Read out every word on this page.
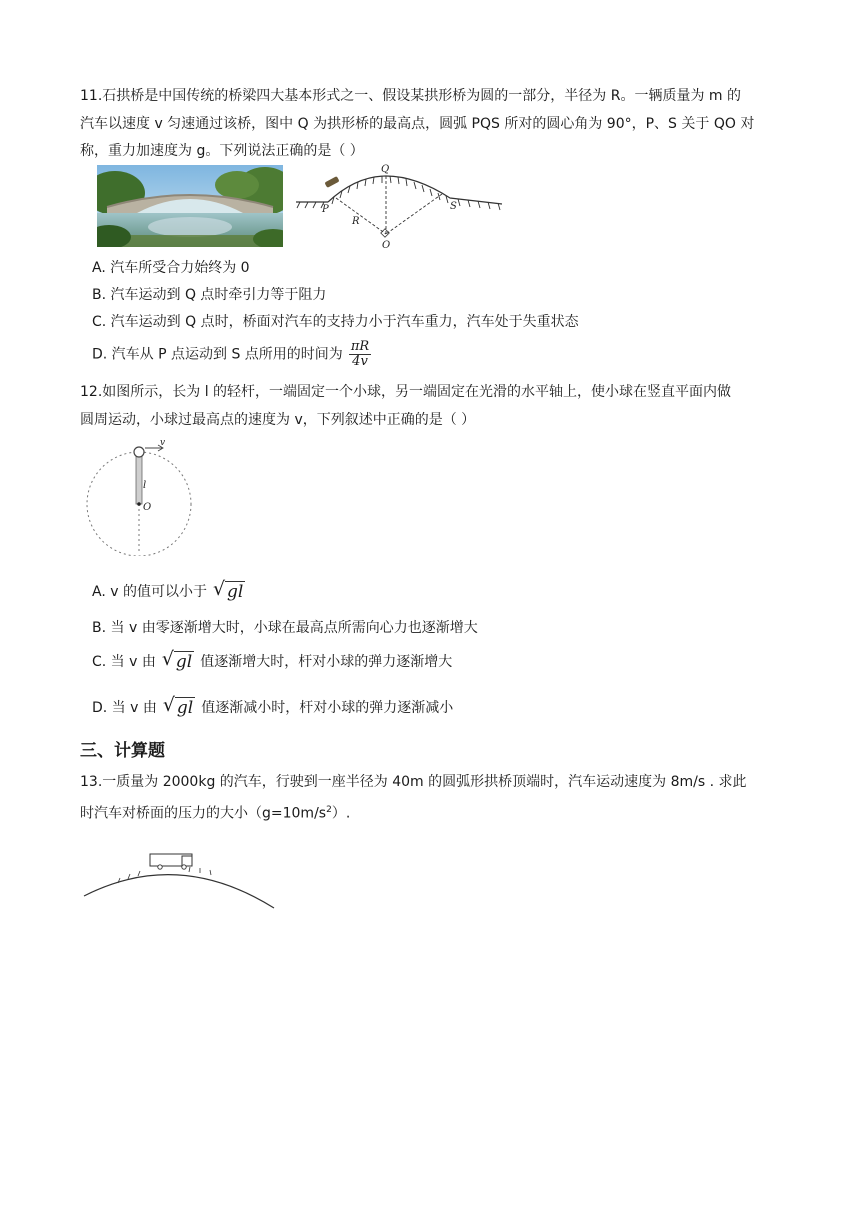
11.石拱桥是中国传统的桥梁四大基本形式之一、假设某拱形桥为圆的一部分，半径为 R。一辆质量为 m 的
汽车以速度 v 匀速通过该桥，图中 Q 为拱形桥的最高点，圆弧 PQS 所对的圆心角为 90°，P、S 关于 QO 对
称，重力加速度为 g。下列说法正确的是（ ）
Q
P	S
R
O
A. 汽车所受合力始终为 0
B. 汽车运动到 Q 点时牵引力等于阻力
C. 汽车运动到 Q 点时，桥面对汽车的支持力小于汽车重力，汽车处于失重状态
D. 汽车从 P 点运动到 S 点所用的时间为 $\frac{\pi R}{4v}$
12.如图所示，长为 l 的轻杆，一端固定一个小球，另一端固定在光滑的水平轴上，使小球在竖直平面内做
圆周运动，小球过最高点的速度为 v，下列叙述中正确的是（ ）
v
l
O
A. v 的值可以小于 √ gl
B. 当 v 由零逐渐增大时，小球在最高点所需向心力也逐渐增大
C. 当 v 由 √ gl 值逐渐增大时，杆对小球的弹力逐渐增大
D. 当 v 由 √ gl 值逐渐减小时，杆对小球的弹力逐渐减小
三、计算题
13.一质量为 2000kg 的汽车，行驶到一座半径为 40m 的圆弧形拱桥顶端时，汽车运动速度为 8m/s . 求此
时汽车对桥面的压力的大小$(g=10m/s^2)$.
